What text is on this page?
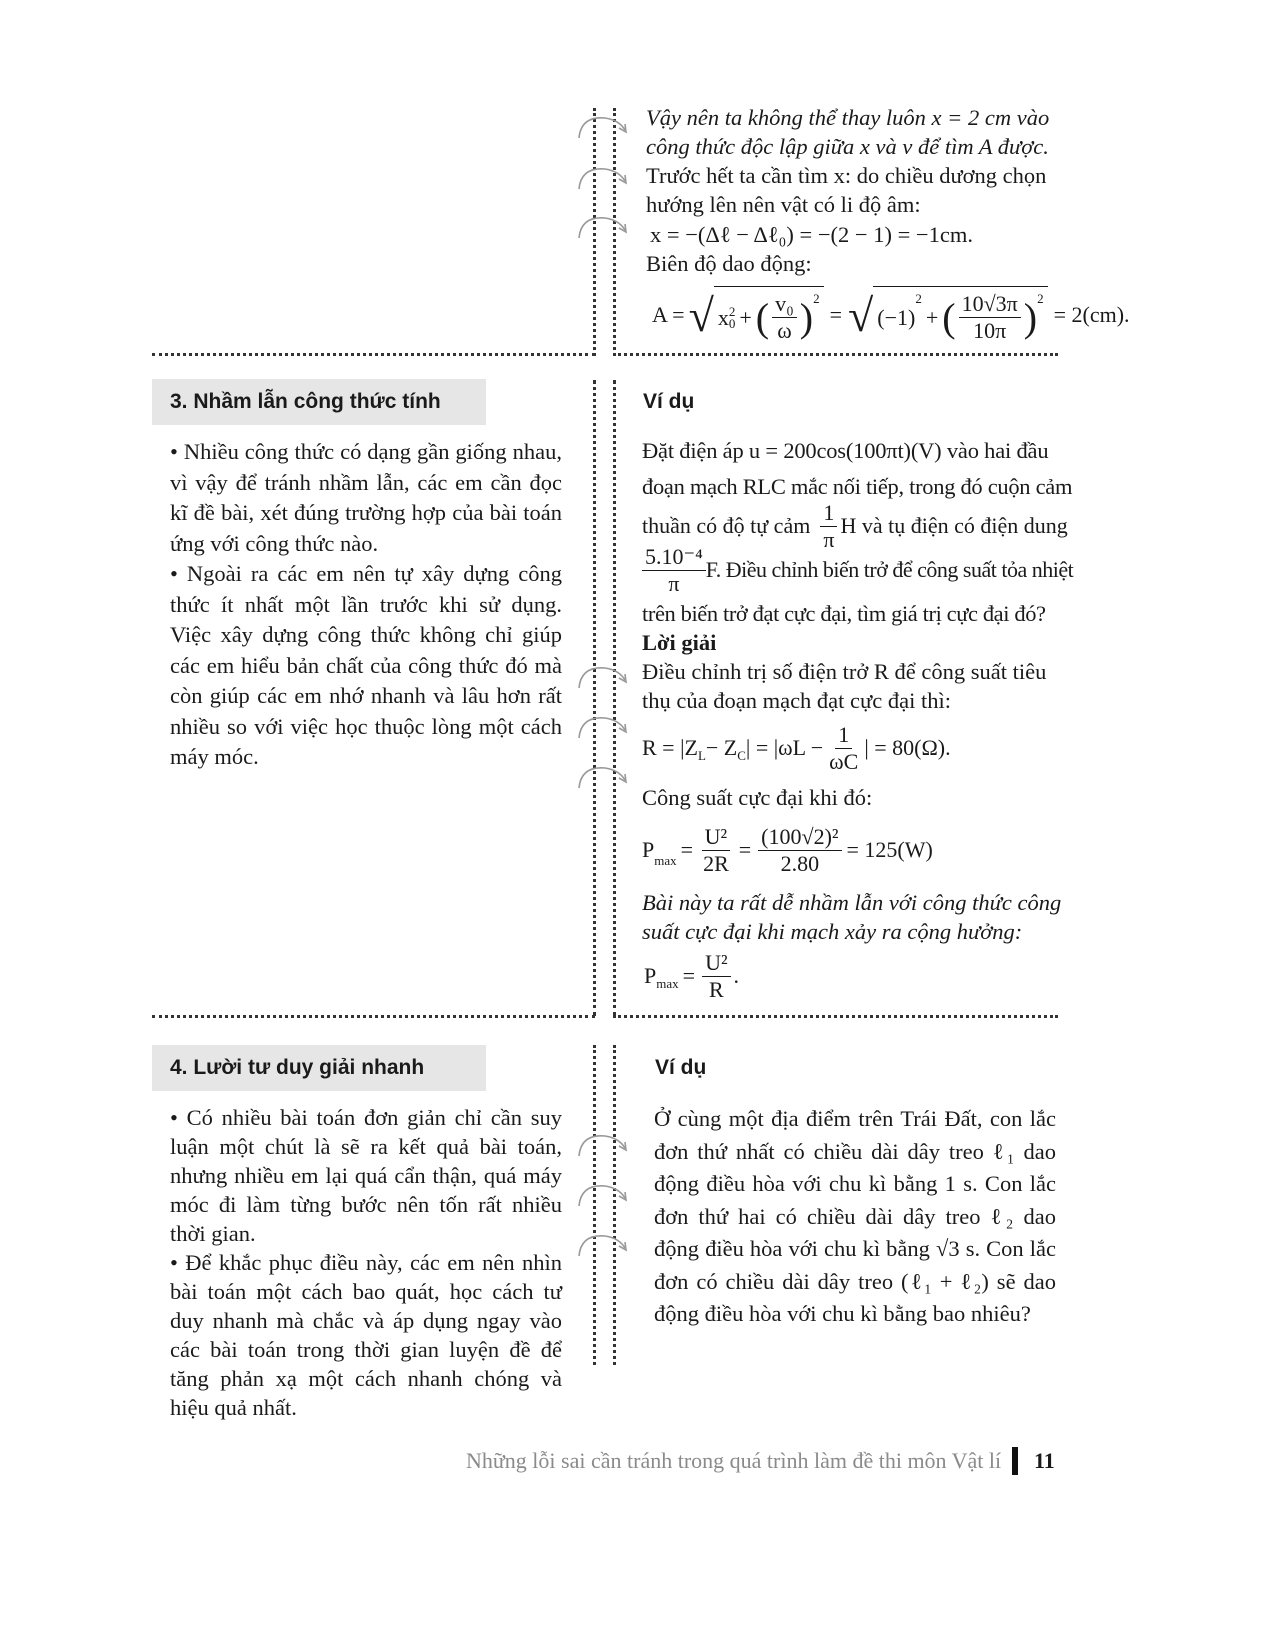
Vậy nên ta không thể thay luôn x = 2 cm vào
công thức độc lập giữa x và v để tìm A được.
Trước hết ta cần tìm x: do chiều dương chọn
hướng lên nên vật có li độ âm:
x = −(Δℓ − Δℓ₀) = −(2 − 1) = −1cm.
Biên độ dao động:
A = √ x 2
0 + ( $\frac{\text{v₀}}{\omega}$ ) 2
= √ (−1)
2
+ ( $\frac{10√3\pi}{10\pi}$ ) 2
= 2(cm).
3. Nhầm lẫn công thức tính

• Nhiều công thức có dạng gần giống nhau, vì vậy để tránh nhầm lẫn, các em cần đọc kĩ đề bài, xét đúng trường hợp của bài toán ứng với công thức nào.

• Ngoài ra các em nên tự xây dựng công thức ít nhất một lần trước khi sử dụng. Việc xây dựng công thức không chỉ giúp các em hiểu bản chất của công thức đó mà còn giúp các em nhớ nhanh và lâu hơn rất nhiều so với việc học thuộc lòng một cách máy móc.

Ví dụ
Đặt điện áp u = 200cos(100πt)(V) vào hai đầu
đoạn mạch RLC mắc nối tiếp, trong đó cuộn cảm
thuần có độ tự cảm $\frac{1}{\pi}$ H và tụ điện có điện dung
$\frac{\text{5.10⁻⁴}}{\pi} F$. Điều chỉnh biến trở để công suất tỏa nhiệt
trên biến trở đạt cực đại, tìm giá trị cực đại đó?
Lời giải
Điều chỉnh trị số điện trở R để công suất tiêu
thụ của đoạn mạch đạt cực đại thì:
R = |Z L − Z C | = $|\omega L - \frac{1}{\omega C}$ | = 80(Ω).
Công suất cực đại khi đó:
P $\max = \frac{\text{U²}}{2R} = \frac{\text{(100√2)²}}{2.80} = 125(W)$
Bài này ta rất dễ nhầm lẫn với công thức công
suất cực đại khi mạch xảy ra cộng hưởng:
P $\max = \frac{\text{U²}}{R}$ .
4. Lười tư duy giải nhanh

• Có nhiều bài toán đơn giản chỉ cần suy luận một chút là sẽ ra kết quả bài toán, nhưng nhiều em lại quá cẩn thận, quá máy móc đi làm từng bước nên tốn rất nhiều thời gian.

• Để khắc phục điều này, các em nên nhìn bài toán một cách bao quát, học cách tư duy nhanh mà chắc và áp dụng ngay vào các bài toán trong thời gian luyện đề để tăng phản xạ một cách nhanh chóng và hiệu quả nhất.

Ví dụ
Ở cùng một địa điểm trên Trái Đất, con lắc đơn thứ nhất có chiều dài dây treo ℓ₁ dao động điều hòa với chu kì bằng 1 s. Con lắc đơn thứ hai có chiều dài dây treo ℓ₂ dao động điều hòa với chu kì bằng √3 s. Con lắc đơn có chiều dài dây treo (ℓ₁ + ℓ₂) sẽ dao động điều hòa với chu kì bằng bao nhiêu?
Những lỗi sai cần tránh trong quá trình làm đề thi môn Vật lí 11
